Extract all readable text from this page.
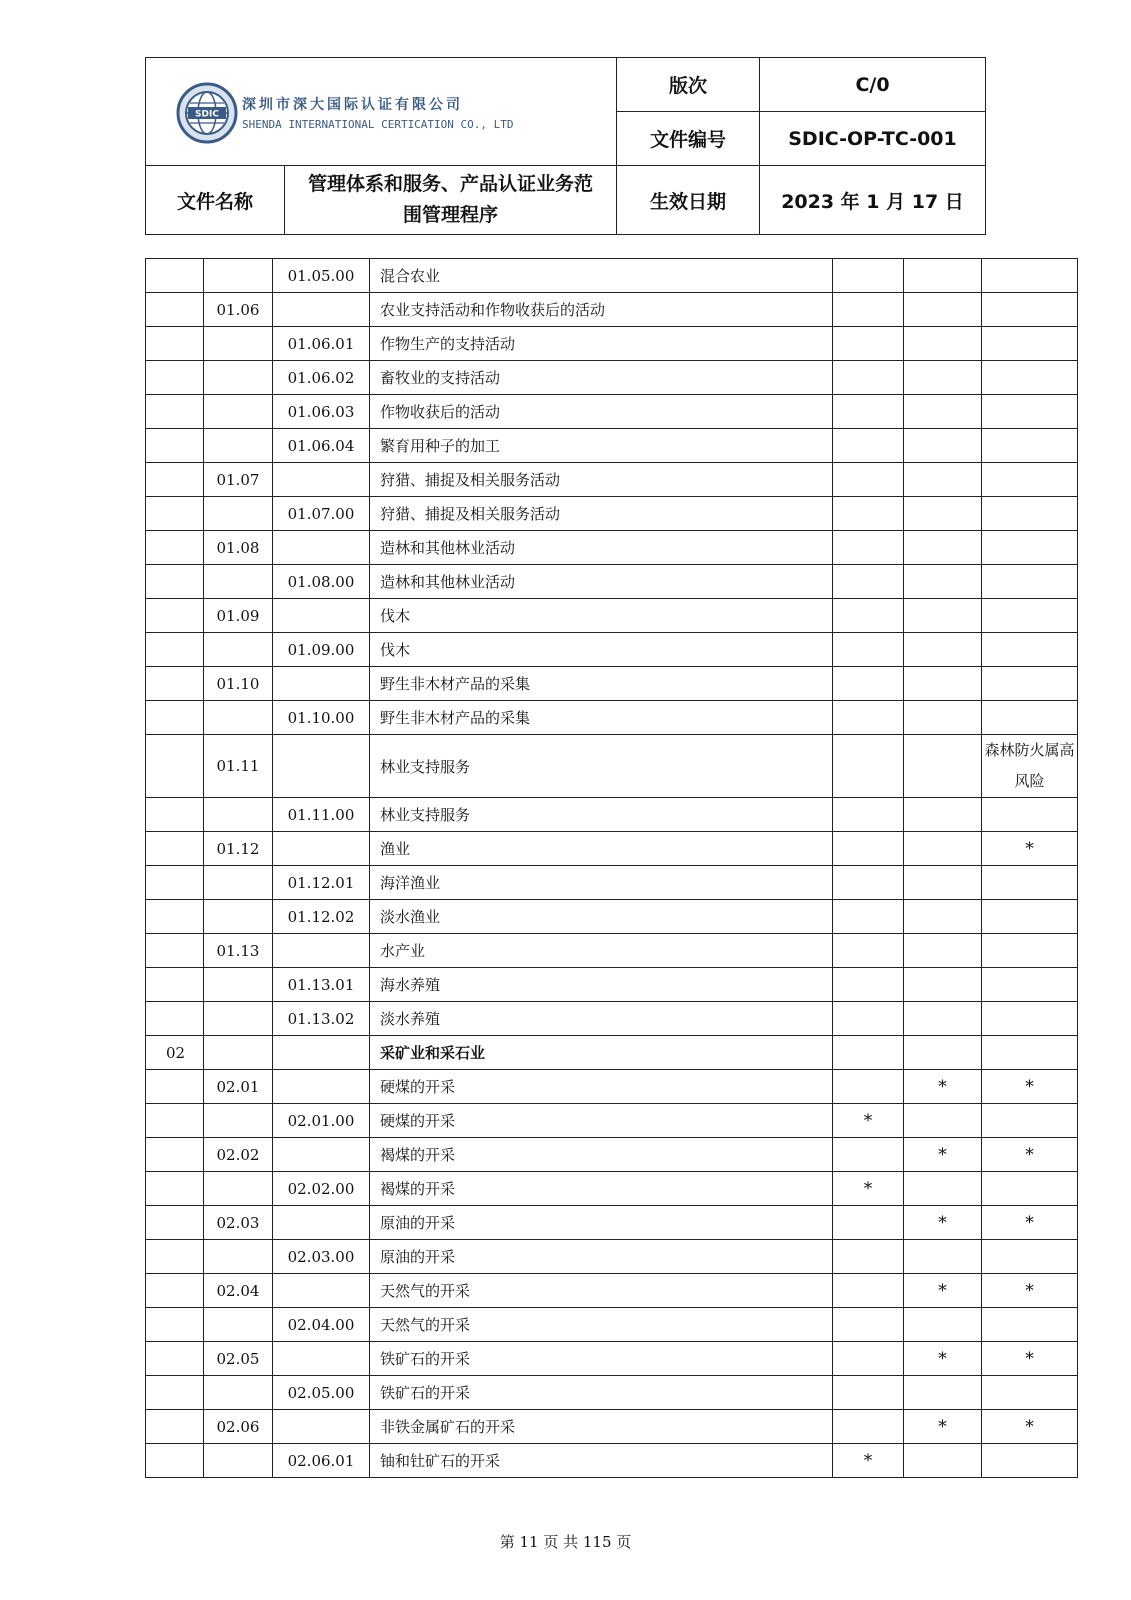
SDIC
深圳市深大国际认证有限公司
SHENDA INTERNATIONAL CERTICATION CO., LTD		版次	C/0
		文件编号	SDIC-OP-TC-001
文件名称	管理体系和服务、产品认证业务范
围管理程序	生效日期	2023 年 1 月 17 日
		01.05.00	混合农业			
	01.06		农业支持活动和作物收获后的活动			
		01.06.01	作物生产的支持活动			
		01.06.02	畜牧业的支持活动			
		01.06.03	作物收获后的活动			
		01.06.04	繁育用种子的加工			
	01.07		狩猎、捕捉及相关服务活动			
		01.07.00	狩猎、捕捉及相关服务活动			
	01.08		造林和其他林业活动			
		01.08.00	造林和其他林业活动			
	01.09		伐木			
		01.09.00	伐木			
	01.10		野生非木材产品的采集			
		01.10.00	野生非木材产品的采集			
	01.11		林业支持服务			森林防火属高风险
		01.11.00	林业支持服务			
	01.12		渔业			*
		01.12.01	海洋渔业			
		01.12.02	淡水渔业			
	01.13		水产业			
		01.13.01	海水养殖			
		01.13.02	淡水养殖			
02			采矿业和采石业			
	02.01		硬煤的开采		*	*
		02.01.00	硬煤的开采	*		
	02.02		褐煤的开采		*	*
		02.02.00	褐煤的开采	*		
	02.03		原油的开采		*	*
		02.03.00	原油的开采			
	02.04		天然气的开采		*	*
		02.04.00	天然气的开采			
	02.05		铁矿石的开采		*	*
		02.05.00	铁矿石的开采			
	02.06		非铁金属矿石的开采		*	*
		02.06.01	铀和钍矿石的开采	*		
第 11 页 共 115 页
